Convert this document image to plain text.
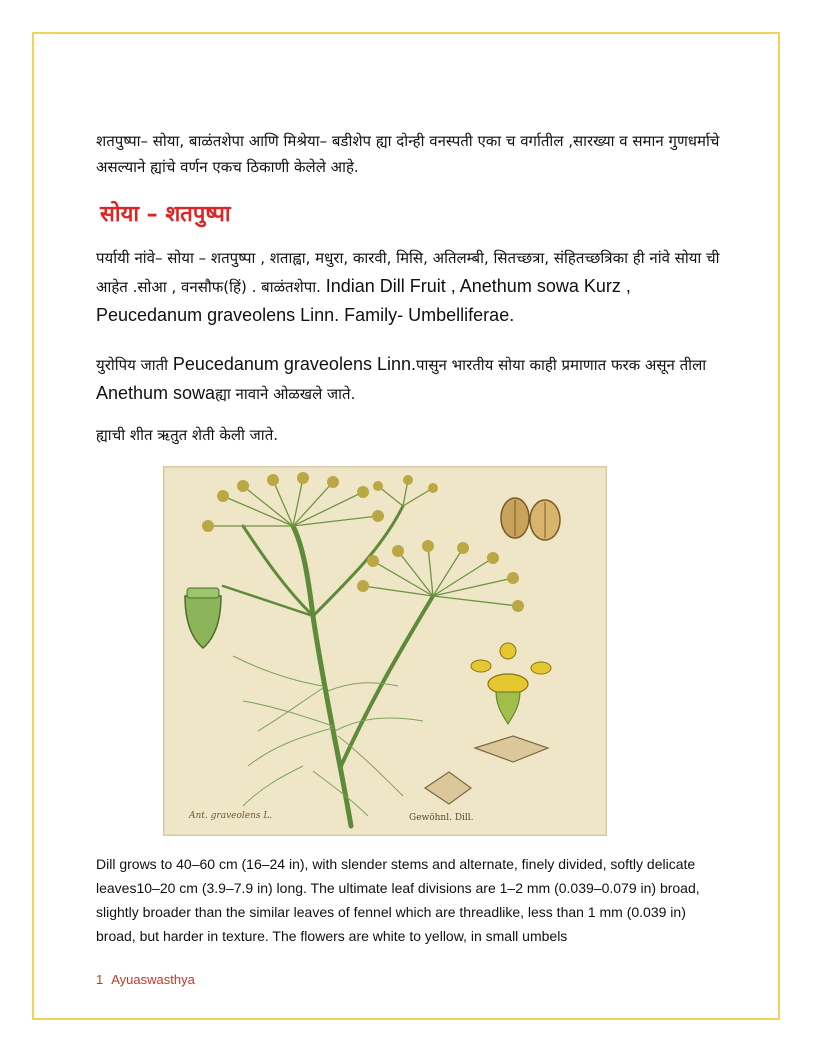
शतपुष्पा– सोया, बाळंतशेपा आणि मिश्रेया– बडीशेप ह्या दोन्ही वनस्पती एका च वर्गातील ,सारख्या व समान गुणधर्माचे असल्याने ह्यांचे वर्णन एकच ठिकाणी केलेले आहे.

सोया – शतपुष्पा

पर्यायी नांवे– सोया – शतपुष्पा , शताह्वा, मधुरा, कारवी, मिसि, अतिलम्बी, सितच्छत्रा, संहितच्छत्रिका ही नांवे सोया ची आहेत .सोआ , वनसौफ(हिं) . बाळंतशेपा. Indian Dill Fruit , Anethum sowa Kurz , Peucedanum graveolens Linn. Family- Umbelliferae.

युरोपिय जाती Peucedanum graveolens Linn.पासुन भारतीय सोया काही प्रमाणात फरक असून तीला Anethum sowaह्या नावाने ओळखले जाते.

ह्याची शीत ऋतुत शेती केली जाते.

Ant. graveolens L.	Gewöhnl. Dill.

Dill grows to 40–60 cm (16–24 in), with slender stems and alternate, finely divided, softly delicate leaves10–20 cm (3.9–7.9 in) long. The ultimate leaf divisions are 1–2 mm (0.039–0.079 in) broad, slightly broader than the similar leaves of fennel which are threadlike, less than 1 mm (0.039 in) broad, but harder in texture. The flowers are white to yellow, in small umbels

1 Ayuaswasthya
